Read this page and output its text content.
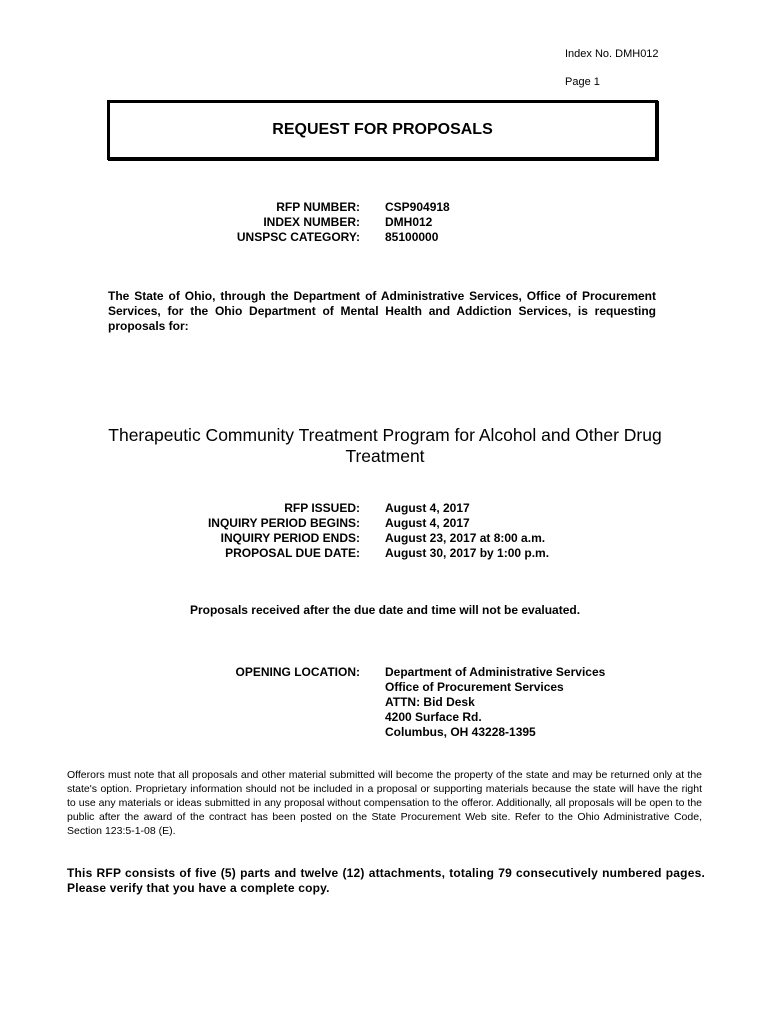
Index No. DMH012
Page 1
REQUEST FOR PROPOSALS
RFP NUMBER: CSP904918
INDEX NUMBER: DMH012
UNSPSC CATEGORY: 85100000
The State of Ohio, through the Department of Administrative Services, Office of Procurement Services, for the Ohio Department of Mental Health and Addiction Services, is requesting proposals for:
Therapeutic Community Treatment Program for Alcohol and Other Drug
Treatment
RFP ISSUED: August 4, 2017
INQUIRY PERIOD BEGINS: August 4, 2017
INQUIRY PERIOD ENDS: August 23, 2017 at 8:00 a.m.
PROPOSAL DUE DATE: August 30, 2017 by 1:00 p.m.
Proposals received after the due date and time will not be evaluated.
OPENING LOCATION: Department of Administrative Services
Office of Procurement Services
ATTN: Bid Desk
4200 Surface Rd.
Columbus, OH 43228-1395
Offerors must note that all proposals and other material submitted will become the property of the state and may be returned only at the state's option. Proprietary information should not be included in a proposal or supporting materials because the state will have the right to use any materials or ideas submitted in any proposal without compensation to the offeror. Additionally, all proposals will be open to the public after the award of the contract has been posted on the State Procurement Web site. Refer to the Ohio Administrative Code, Section 123:5-1-08 (E).
This RFP consists of five (5) parts and twelve (12) attachments, totaling 79 consecutively numbered pages. Please verify that you have a complete copy.
